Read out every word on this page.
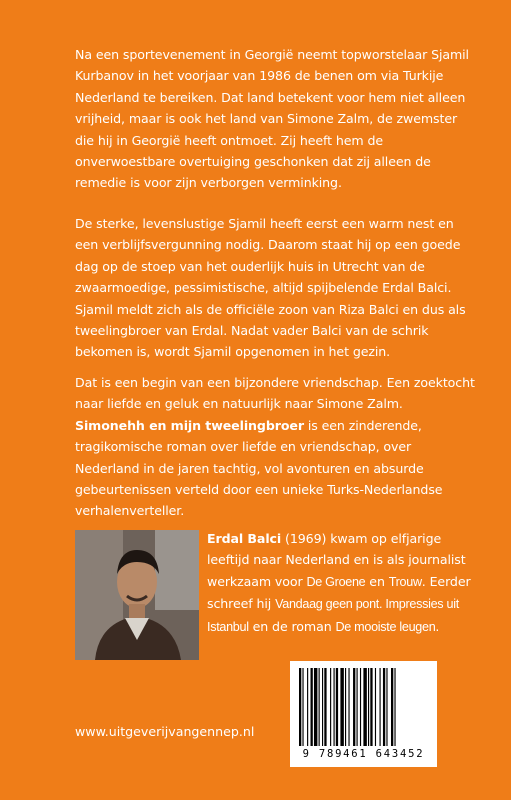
Na een sportevenement in Georgië neemt topworstelaar Sjamil Kurbanov in het voorjaar van 1986 de benen om via Turkije Nederland te bereiken. Dat land betekent voor hem niet alleen vrijheid, maar is ook het land van Simone Zalm, de zwemster die hij in Georgië heeft ontmoet. Zij heeft hem de onverwoestbare overtuiging geschonken dat zij alleen de remedie is voor zijn verborgen verminking.

De sterke, levenslustige Sjamil heeft eerst een warm nest en een verblijfsvergunning nodig. Daarom staat hij op een goede dag op de stoep van het ouderlijk huis in Utrecht van de zwaarmoedige, pessimistische, altijd spijbelende Erdal Balci. Sjamil meldt zich als de officiële zoon van Riza Balci en dus als tweelingbroer van Erdal. Nadat vader Balci van de schrik bekomen is, wordt Sjamil opgenomen in het gezin.

Dat is een begin van een bijzondere vriendschap. Een zoektocht naar liefde en geluk en natuurlijk naar Simone Zalm. Simonehh en mijn tweelingbroer is een zinderende, tragikomische roman over liefde en vriendschap, over Nederland in de jaren tachtig, vol avonturen en absurde gebeurtenissen verteld door een unieke Turks-Nederlandse verhalenverteller.

Erdal Balci (1969) kwam op elfjarige leeftijd naar Nederland en is als journalist werkzaam voor De Groene en Trouw. Eerder schreef hij Vandaag geen pont. Impressies uit Istanbul en de roman De mooiste leugen.
www.uitgeverijvangennep.nl
9 789461 643452
